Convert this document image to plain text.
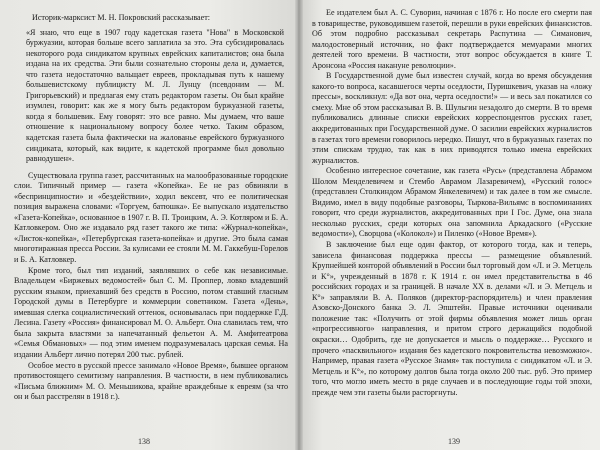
Историк-марксист М. Н. Покровский рассказывает:

«Я знаю, что еще в 1907 году кадетская газета "Нова" в Московской буржуазии, которая больше всего заплатила за это. Эта субсидировалась некоторого рода синдикатом крупных еврейских капиталистов; она была издана на их средства. Эти были сознательно стороны дела и, думается, что газета недостаточно вальщает евреев, прокладывая путь к нашему большевистскому публицисту М. Л. Лунцу (псевдоним — М. Григорьевский) и предлагая ему стать редактором газеты. Он был крайне изумлен, говорит: как же я могу быть редактором буржуазной газеты, когда я большевик. Ему говорят: это все равно. Мы думаем, что ваше отношение к национальному вопросу более четко. Таким образом, кадетская газета была фактически на жалованье еврейского буржуазного синдиката, который, как видите, к кадетской программе был довольно равнодушен».

Существовала группа газет, рассчитанных на малообразованные городские слои. Типичный пример — газета «Копейка». Ее не раз обвиняли в «беспринципности» и «бездействии», ходил вексевт, что ее политическая позиция выражена словами: «Торгуем, батюшка». Ее выпускало издательство «Газета-Копейка», основанное в 1907 г. В. П. Троицким, А. Э. Котляром и Б. А. Катловкером. Оно же издавало ряд газет такого же типа: «Журнал-копейка», «Листок-копейка», «Петербургская газета-копейка» и другие. Это была самая многотиражная пресса России. За кулисами ее стояли М. М. Гаккебуш-Горелов и Б. А. Катловкер.

Кроме того, был тип изданий, заявлявших о себе как независимые. Владельцем «Биржевых ведомостей» был С. М. Проппер, ловко владевший русским языком, приехавший без средств в Россию, потом ставший гласным Городской думы в Петербурге и коммерции советником. Газета «День», имевшая слегка социалистический оттенок, основывалась при поддержке Г.Д. Лесина. Газету «Россия» финансировал М. О. Альберт. Она славилась тем, что была закрыта властями за напечатанный фельетон А. М. Амфитеатрова «Семья Обмановых» — под этим именем подразумевалась царская семья. На издании Альберт лично потерял 200 тыс. рублей.

Особое место в русской прессе занимало «Новое Время», бывшее органом противостоящего семитизму направления. В частности, в нем публиковались «Письма ближним» М. О. Меньшикова, крайне враждебные к евреям (за что он и был расстрелян в 1918 г.).

138

Ее издателем был А. С. Суворин, начиная с 1876 г. Но после его смерти пая в товариществе, руководившем газетой, перешли в руки еврейских финансистов. Об этом подробно рассказывал секретарь Распутина — Симанович, малодостоверный источник, но факт подтверждается мемуарами многих деятелей того времени. В частности, этот вопрос обсуждается в книге Т. Аронсона «Россия накануне революции».

В Государственной думе был известен случай, когда во время обсуждения какого-то вопроса, касавшегося черты оседлости, Пуришкевич, указав на «ложу прессы», воскликнул: «Да вот она, черта оседлости!» — и весь зал покатился со смеху. Мне об этом рассказывал В. В. Шульгин незадолго до смерти. В то время публиковались длинные списки еврейских корреспондентов русских газет, аккредитованных при Государственной думе. О засилии еврейских журналистов в газетах того времени говорилось нередко. Пишут, что в буржуазных газетах по этим спискам трудно, так как в них приводятся только имена еврейских журналистов.

Особенно интересное сочетание, как газета «Русь» (представлена Абрамом Шолом Менделевичем и Стембо Аврамом Лазаревичем), «Русский голос» (представлен Столкиндом Абрамом Янкелевичем) и так далее в том же смысле. Видимо, имел в виду подобные разговоры, Тыркова-Вильямс в воспоминаниях говорит, что среди журналистов, аккредитованных при I Гос. Думе, она знала несколько русских, среди которых она запомнила Аркадаского («Русские ведомости»), Сворцова («Колокол») и Пиленко («Новое Время»).

В заключение был еще один фактор, от которого тогда, как и теперь, зависела финансовая поддержка прессы — размещение объявлений. Крупнейшей конторой объявлений в России был торговый дом «Л. и Э. Метцель и К°», учрежденный в 1878 г. К 1914 г. он имел представительства в 46 российских городах и за границей. В начале XX в. делами «Л. и Э. Метцель и К°» заправляли В. А. Поляков (директор-распорядитель) и член правления Азовско-Донского банка Э. Л. Эпштейн. Правые источники оценивали положение так: «Получить от этой фирмы объявления может лишь орган «прогрессивного» направления, и притом строго держащийся подобной окраски… Одобрить, где не допускается и мысль о поддержке… Русского и прочего «пасквильного» издания без кадетского покровительства невозможно». Например, правая газета «Русское Знамя» так поступила с синдикатом «Л. и Э. Метцель и К°», по которому долгов была тогда около 200 тыс. руб. Это пример того, что могло иметь место в ряде случаев и в последующие годы той эпохи, прежде чем эти газеты были расторгнуты.

139
